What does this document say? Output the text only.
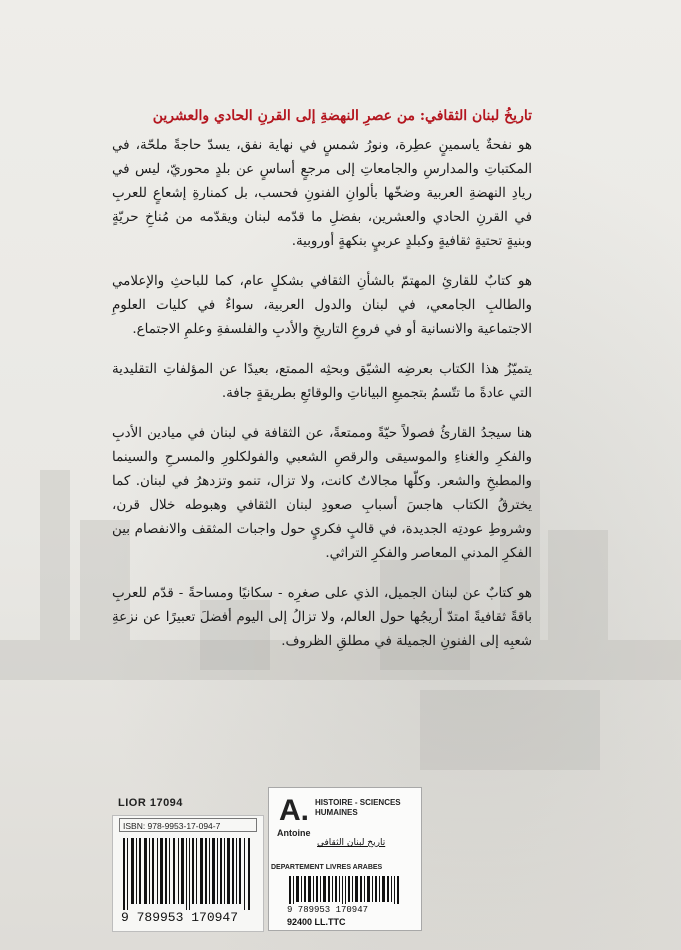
تاريخُ لبنان الثقافي: من عصرِ النهضةِ إلى القرنِ الحادي والعشرين

هو نفحةٌ ياسمينٍ عطِرة، ونورُ شمسٍ في نهاية نفق، يسدّ حاجةً ملحّة، في المكتباتِ والمدارسِ والجامعاتِ إلى مرجعٍ أساسٍ عن بلدٍ محوريّ، ليس في ريادِ النهضةِ العربية وضخّها بألوانِ الفنونِ فحسب، بل كمنارةِ إشعاعٍ للعربِ في القرنِ الحادي والعشرين، بفضلِ ما قدّمه لبنان ويقدّمه من مُناخِ حريّةٍ وبنيةٍ تحتيةٍ ثقافيةٍ وكبلدٍ عربيٍ بنكهةٍ أوروبية.

هو كتابٌ للقارئِ المهتمّ بالشأنِ الثقافي بشكلٍ عام، كما للباحثِ والإعلامي والطالبِ الجامعي، في لبنان والدول العربية، سواءٌ في كليات العلومِ الاجتماعية والانسانية أو في فروعِ التاريخِ والأدبِ والفلسفةِ وعلمِ الاجتماع.

يتميّزُ هذا الكتاب بعرضِه الشيّق وبحثِه الممتع، بعيدًا عن المؤلفاتِ التقليدية التي عادةً ما تتّسمُ بتجميعِ البياناتِ والوقائعِ بطريقةٍ جافة.

هنا سيجدُ القارئُ فصولاً حيّةً وممتعةً، عن الثقافة في لبنان في ميادين الأدبِ والفكرِ والغناءِ والموسيقى والرقصِ الشعبي والفولكلورِ والمسرحِ والسينما والمطبخِ والشعر. وكلّها مجالاتٌ كانت، ولا تزال، تنمو وتزدهرُ في لبنان. كما يخترقُ الكتاب هاجسَ أسبابِ صعودِ لبنان الثقافي وهبوطه خلال قرن، وشروطِ عودتِه الجديدة، في قالبٍ فكريٍ حول واجبات المثقف والانفصام بين الفكرِ المدني المعاصر والفكرِ التراثي.

هو كتابٌ عن لبنان الجميل، الذي على صغرِه - سكانيًا ومساحةً - قدّم للعربِ باقةً ثقافيةً امتدّ أريجُها حول العالم، ولا تزالُ إلى اليوم أفضلَ تعبيرًا عن نزعةِ شعبِه إلى الفنونِ الجميلة في مطلقِ الظروف.

LIOR 17094
ISBN: 978-9953-17-094-7
9 789953 170947
A.
Antoine
HISTOIRE - SCIENCES HUMAINES
تاريخ لبنان الثقافي
DEPARTEMENT LIVRES ARABES
9 789953 170947
92400 LL.TTC
